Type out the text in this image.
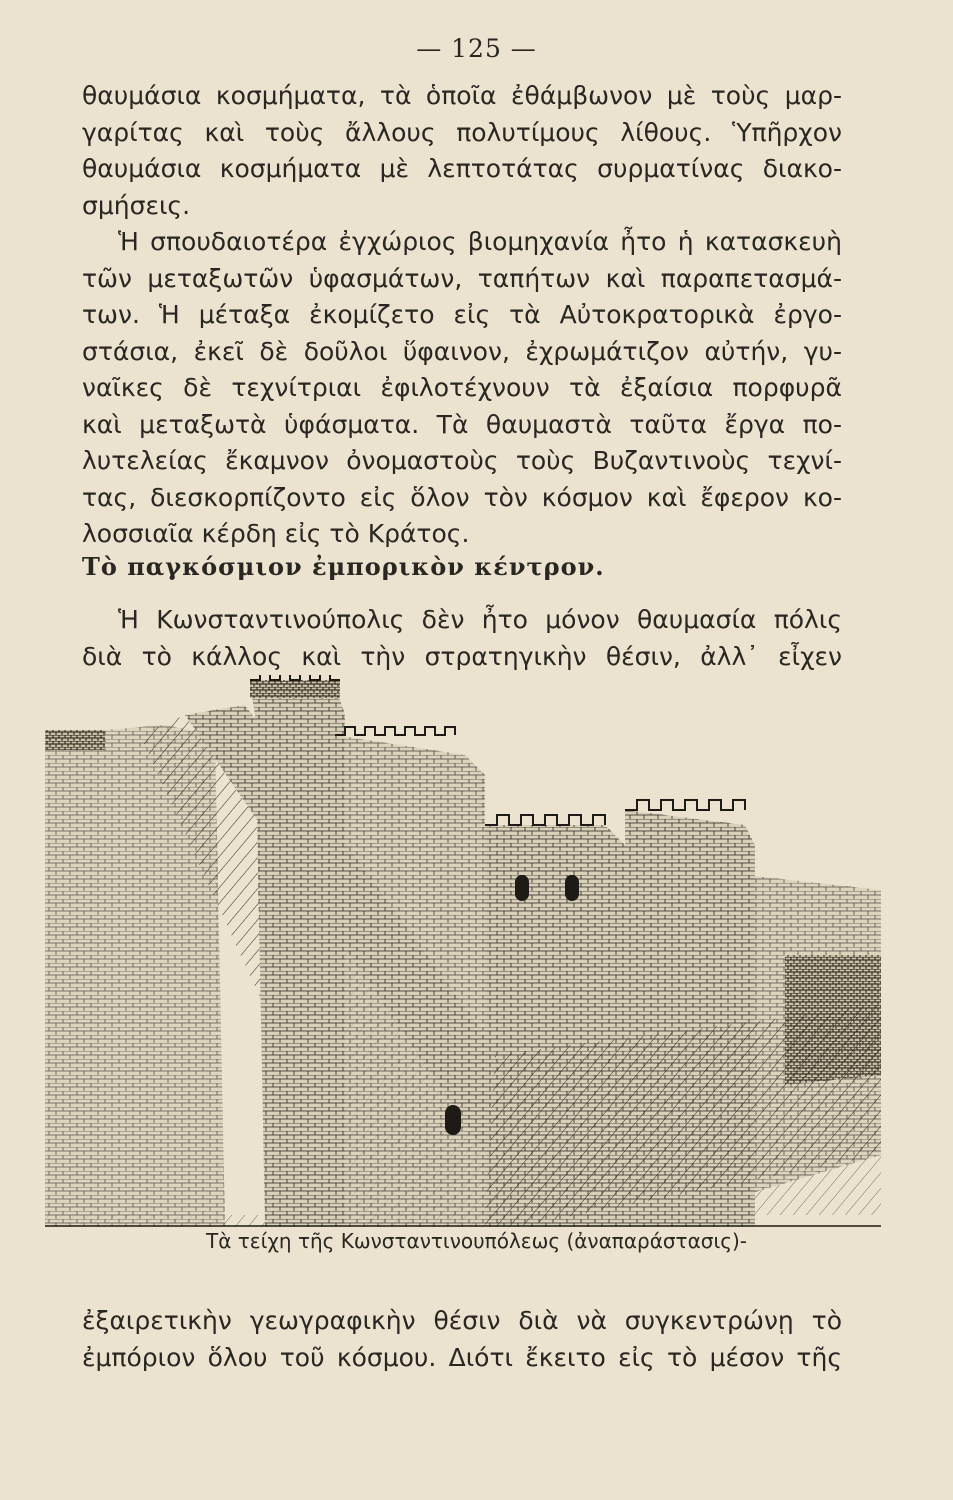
— 125 —
θαυμάσια κοσμήματα, τὰ ὁποῖα ἐθάμβωνον μὲ τοὺς μαρ-
γαρίτας καὶ τοὺς ἄλλους πολυτίμους λίθους. Ὑπῆρχον
θαυμάσια κοσμήματα μὲ λεπτοτάτας συρματίνας διακο-
σμήσεις.
Ἡ σπουδαιοτέρα ἐγχώριος βιομηχανία ἦτο ἡ κατασκευὴ
τῶν μεταξωτῶν ὑφασμάτων, ταπήτων καὶ παραπετασμά-
των. Ἡ μέταξα ἐκομίζετο εἰς τὰ Αὐτοκρατορικὰ ἐργο-
στάσια, ἐκεῖ δὲ δοῦλοι ὕφαινον, ἐχρωμάτιζον αὐτήν, γυ-
ναῖκες δὲ τεχνίτριαι ἐφιλοτέχνουν τὰ ἐξαίσια πορφυρᾶ
καὶ μεταξωτὰ ὑφάσματα. Τὰ θαυμαστὰ ταῦτα ἔργα πο-
λυτελείας ἔκαμνον ὀνομαστοὺς τοὺς Βυζαντινοὺς τεχνί-
τας, διεσκορπίζοντο εἰς ὅλον τὸν κόσμον καὶ ἔφερον κο-
λοσσιαῖα κέρδη εἰς τὸ Κράτος.
Τὸ παγκόσμιον ἐμπορικὸν κέντρον.
Ἡ Κωνσταντινούπολις δὲν ἦτο μόνον θαυμασία πόλις
διὰ τὸ κάλλος καὶ τὴν στρατηγικὴν θέσιν, ἀλλ᾽ εἶχεν
Τὰ τείχη τῆς Κωνσταντινουπόλεως (ἀναπαράστασις)-
ἐξαιρετικὴν γεωγραφικὴν θέσιν διὰ νὰ συγκεντρώνῃ τὸ
ἐμπόριον ὅλου τοῦ κόσμου. Διότι ἔκειτο εἰς τὸ μέσον τῆς
